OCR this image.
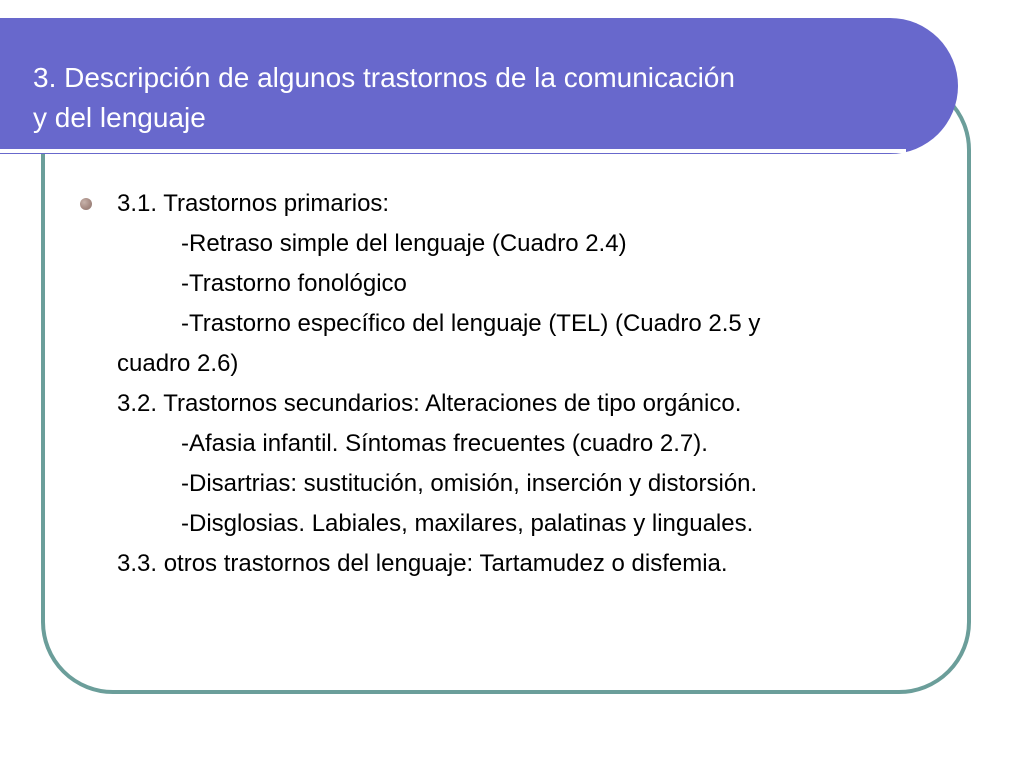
3. Descripción de algunos trastornos de la comunicación
y del lenguaje
3.1. Trastornos primarios:
-Retraso simple del lenguaje (Cuadro 2.4)
-Trastorno fonológico
-Trastorno específico del lenguaje (TEL) (Cuadro 2.5 y
cuadro 2.6)
3.2. Trastornos secundarios: Alteraciones de tipo orgánico.
-Afasia infantil. Síntomas frecuentes (cuadro 2.7).
-Disartrias: sustitución, omisión, inserción y distorsión.
-Disglosias. Labiales, maxilares, palatinas y linguales.
3.3. otros trastornos del lenguaje: Tartamudez o disfemia.
